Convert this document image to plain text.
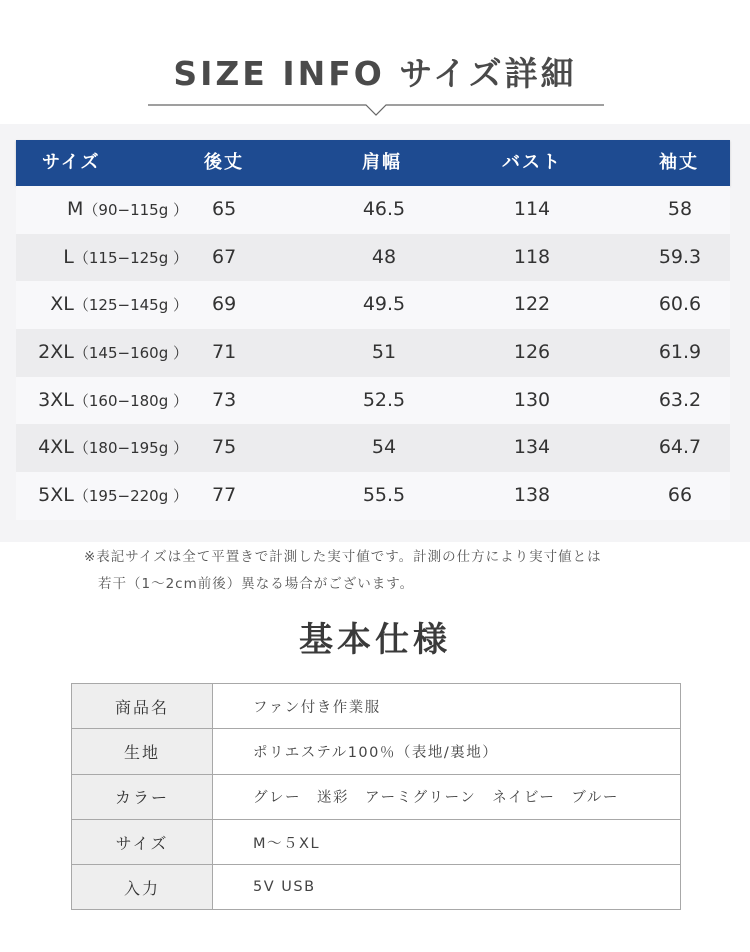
SIZE INFO サイズ詳細
サイズ	後丈	肩幅	バスト	袖丈
M（90−115g ） 65	46.5	114	58
L（115−125g ） 67	48	118	59.3
XL（125−145g ） 69	49.5	122	60.6
2XL（145−160g ） 71	51	126	61.9
3XL（160−180g ） 73	52.5	130	63.2
4XL（180−195g ） 75	54	134	64.7
5XL（195−220g ） 77	55.5	138	66
※表記サイズは全て平置きで計測した実寸値です。計測の仕方により実寸値とは
若干（1〜2cm前後）異なる場合がございます。
基本仕様
商品名	ファン付き作業服
生地	ポリエステル100％（表地/裏地）
カラー	グレー　迷彩　アーミグリーン　ネイビー　ブルー
サイズ	M～５XL
入力	5V USB
